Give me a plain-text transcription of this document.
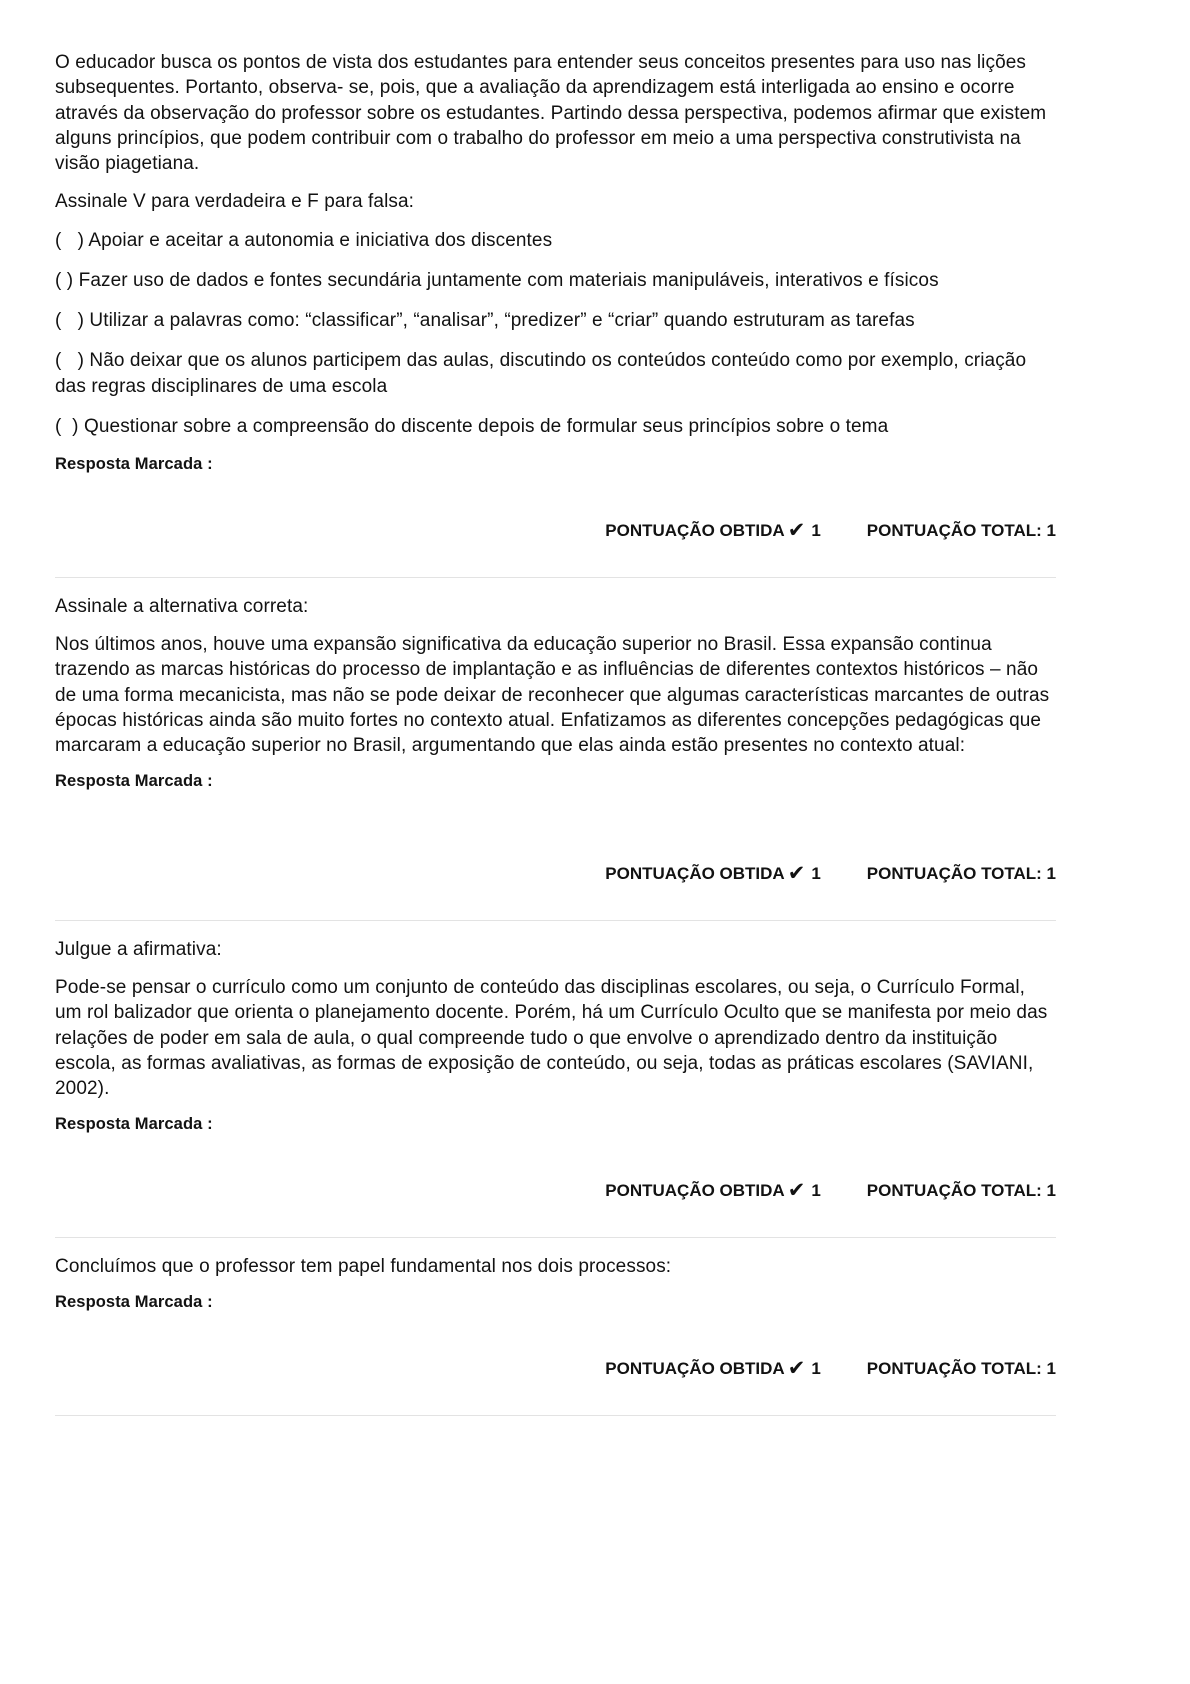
O educador busca os pontos de vista dos estudantes para entender seus conceitos presentes para uso nas lições subsequentes. Portanto, observa- se, pois, que a avaliação da aprendizagem está interligada ao ensino e ocorre através da observação do professor sobre os estudantes. Partindo dessa perspectiva, podemos afirmar que existem alguns princípios, que podem contribuir com o trabalho do professor em meio a uma perspectiva construtivista na visão piagetiana.

Assinale V para verdadeira e F para falsa:

(   ) Apoiar e aceitar a autonomia e iniciativa dos discentes

( ) Fazer uso de dados e fontes secundária juntamente com materiais manipuláveis, interativos e físicos

(   ) Utilizar a palavras como: “classificar”, “analisar”, “predizer” e “criar” quando estruturam as tarefas

(   ) Não deixar que os alunos participem das aulas, discutindo os conteúdos conteúdo como por exemplo, criação das regras disciplinares de uma escola

(  ) Questionar sobre a compreensão do discente depois de formular seus princípios sobre o tema

Resposta Marcada :

PONTUAÇÃO OBTIDA ✔ 1	PONTUAÇÃO TOTAL: 1

Assinale a alternativa correta:

Nos últimos anos, houve uma expansão significativa da educação superior no Brasil. Essa expansão continua trazendo as marcas históricas do processo de implantação e as influências de diferentes contextos históricos – não de uma forma mecanicista, mas não se pode deixar de reconhecer que algumas características marcantes de outras épocas históricas ainda são muito fortes no contexto atual. Enfatizamos as diferentes concepções pedagógicas que marcaram a educação superior no Brasil, argumentando que elas ainda estão presentes no contexto atual:

Resposta Marcada :

PONTUAÇÃO OBTIDA ✔ 1	PONTUAÇÃO TOTAL: 1

Julgue a afirmativa:

Pode-se pensar o currículo como um conjunto de conteúdo das disciplinas escolares, ou seja, o Currículo Formal, um rol balizador que orienta o planejamento docente. Porém, há um Currículo Oculto que se manifesta por meio das relações de poder em sala de aula, o qual compreende tudo o que envolve o aprendizado dentro da instituição escola, as formas avaliativas, as formas de exposição de conteúdo, ou seja, todas as práticas escolares (SAVIANI, 2002).

Resposta Marcada :

PONTUAÇÃO OBTIDA ✔ 1	PONTUAÇÃO TOTAL: 1

Concluímos que o professor tem papel fundamental nos dois processos:

Resposta Marcada :

PONTUAÇÃO OBTIDA ✔ 1	PONTUAÇÃO TOTAL: 1
